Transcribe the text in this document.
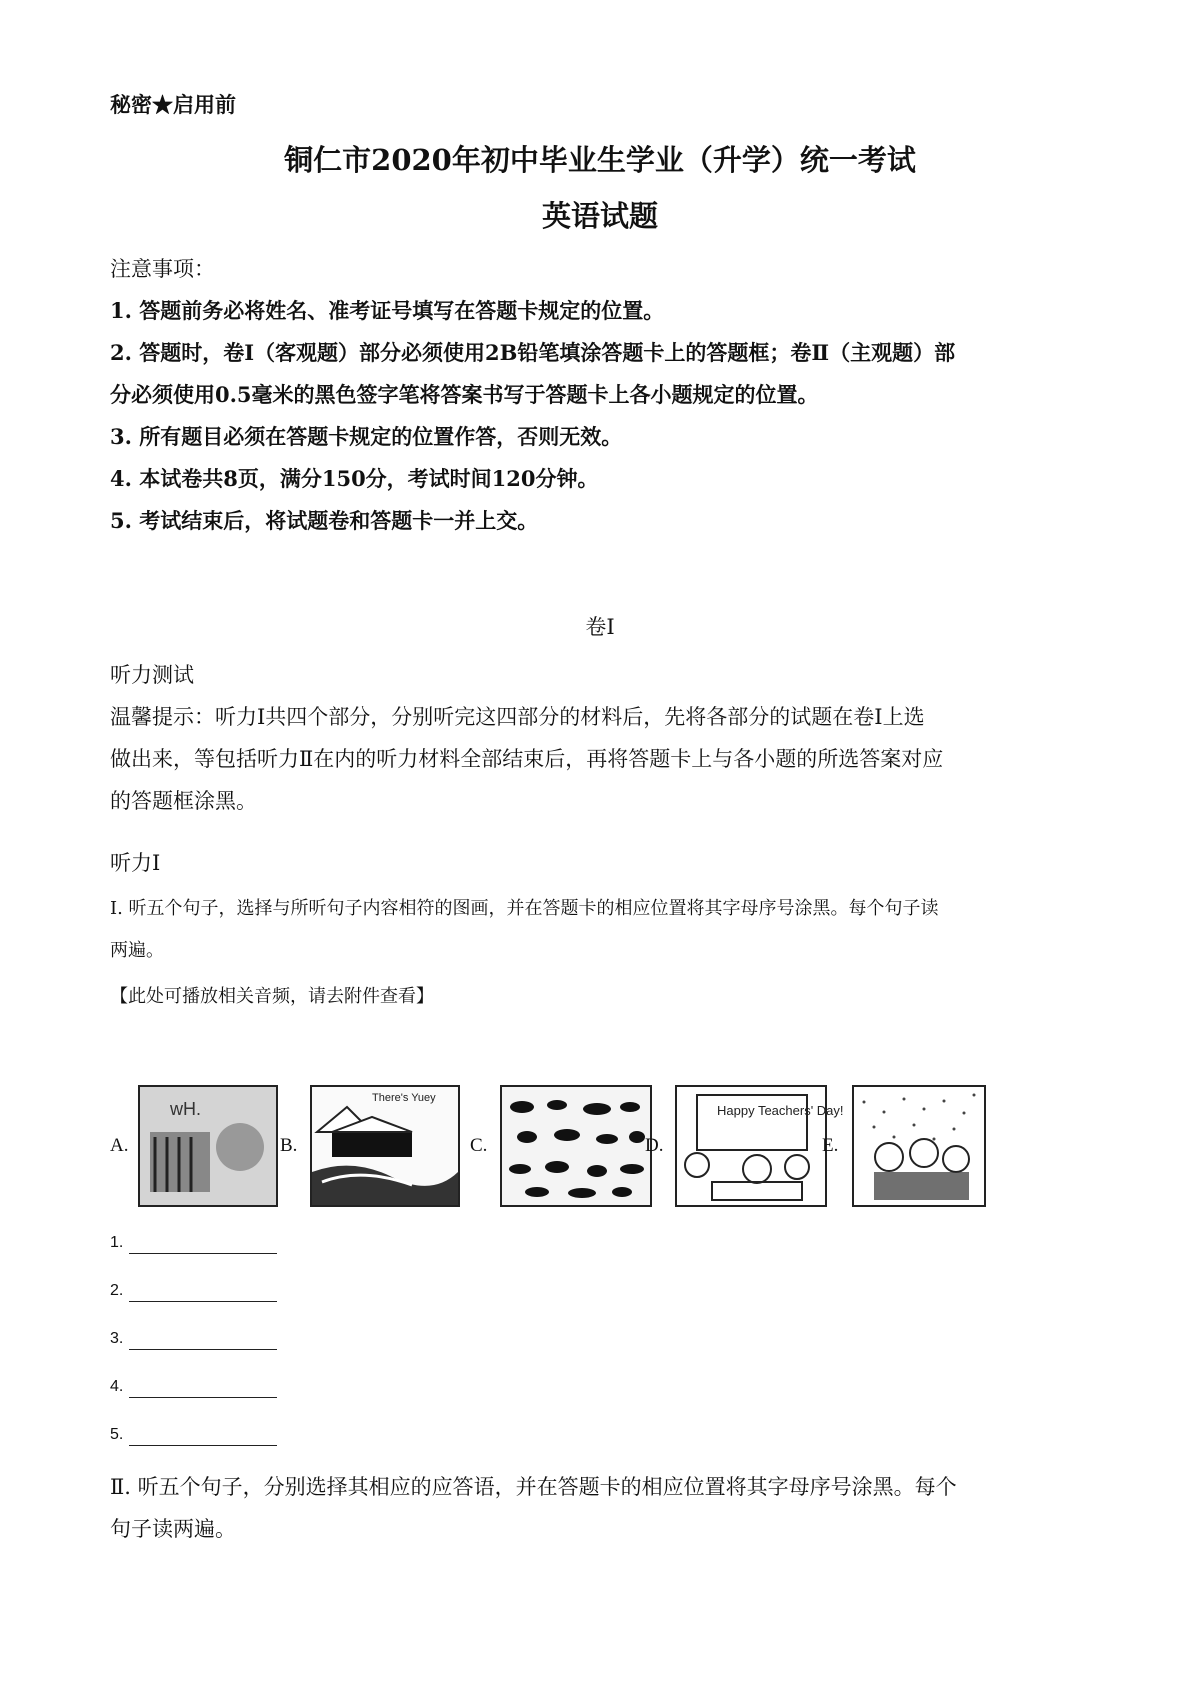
秘密★启用前
铜仁市2020年初中毕业生学业（升学）统一考试
英语试题
注意事项：
1. 答题前务必将姓名、准考证号填写在答题卡规定的位置。
2. 答题时，卷Ⅰ（客观题）部分必须使用2B铅笔填涂答题卡上的答题框；卷Ⅱ（主观题）部
分必须使用0.5毫米的黑色签字笔将答案书写于答题卡上各小题规定的位置。
3. 所有题目必须在答题卡规定的位置作答，否则无效。
4. 本试卷共8页，满分150分，考试时间120分钟。
5. 考试结束后，将试题卷和答题卡一并上交。
卷Ⅰ
听力测试
温馨提示：听力Ⅰ共四个部分，分别听完这四部分的材料后，先将各部分的试题在卷Ⅰ上选
做出来，等包括听力Ⅱ在内的听力材料全部结束后，再将答题卡上与各小题的所选答案对应
的答题框涂黑。
听力Ⅰ
Ⅰ. 听五个句子，选择与所听句子内容相符的图画，并在答题卡的相应位置将其字母序号涂黑。每个句子读
两遍。
【此处可播放相关音频，请去附件查看】
A.
wH.
B.
There's Yuey
C.	D.
Happy Teachers' Day!
E.
1.
2.
3.
4.
5.
Ⅱ. 听五个句子，分别选择其相应的应答语，并在答题卡的相应位置将其字母序号涂黑。每个
句子读两遍。
